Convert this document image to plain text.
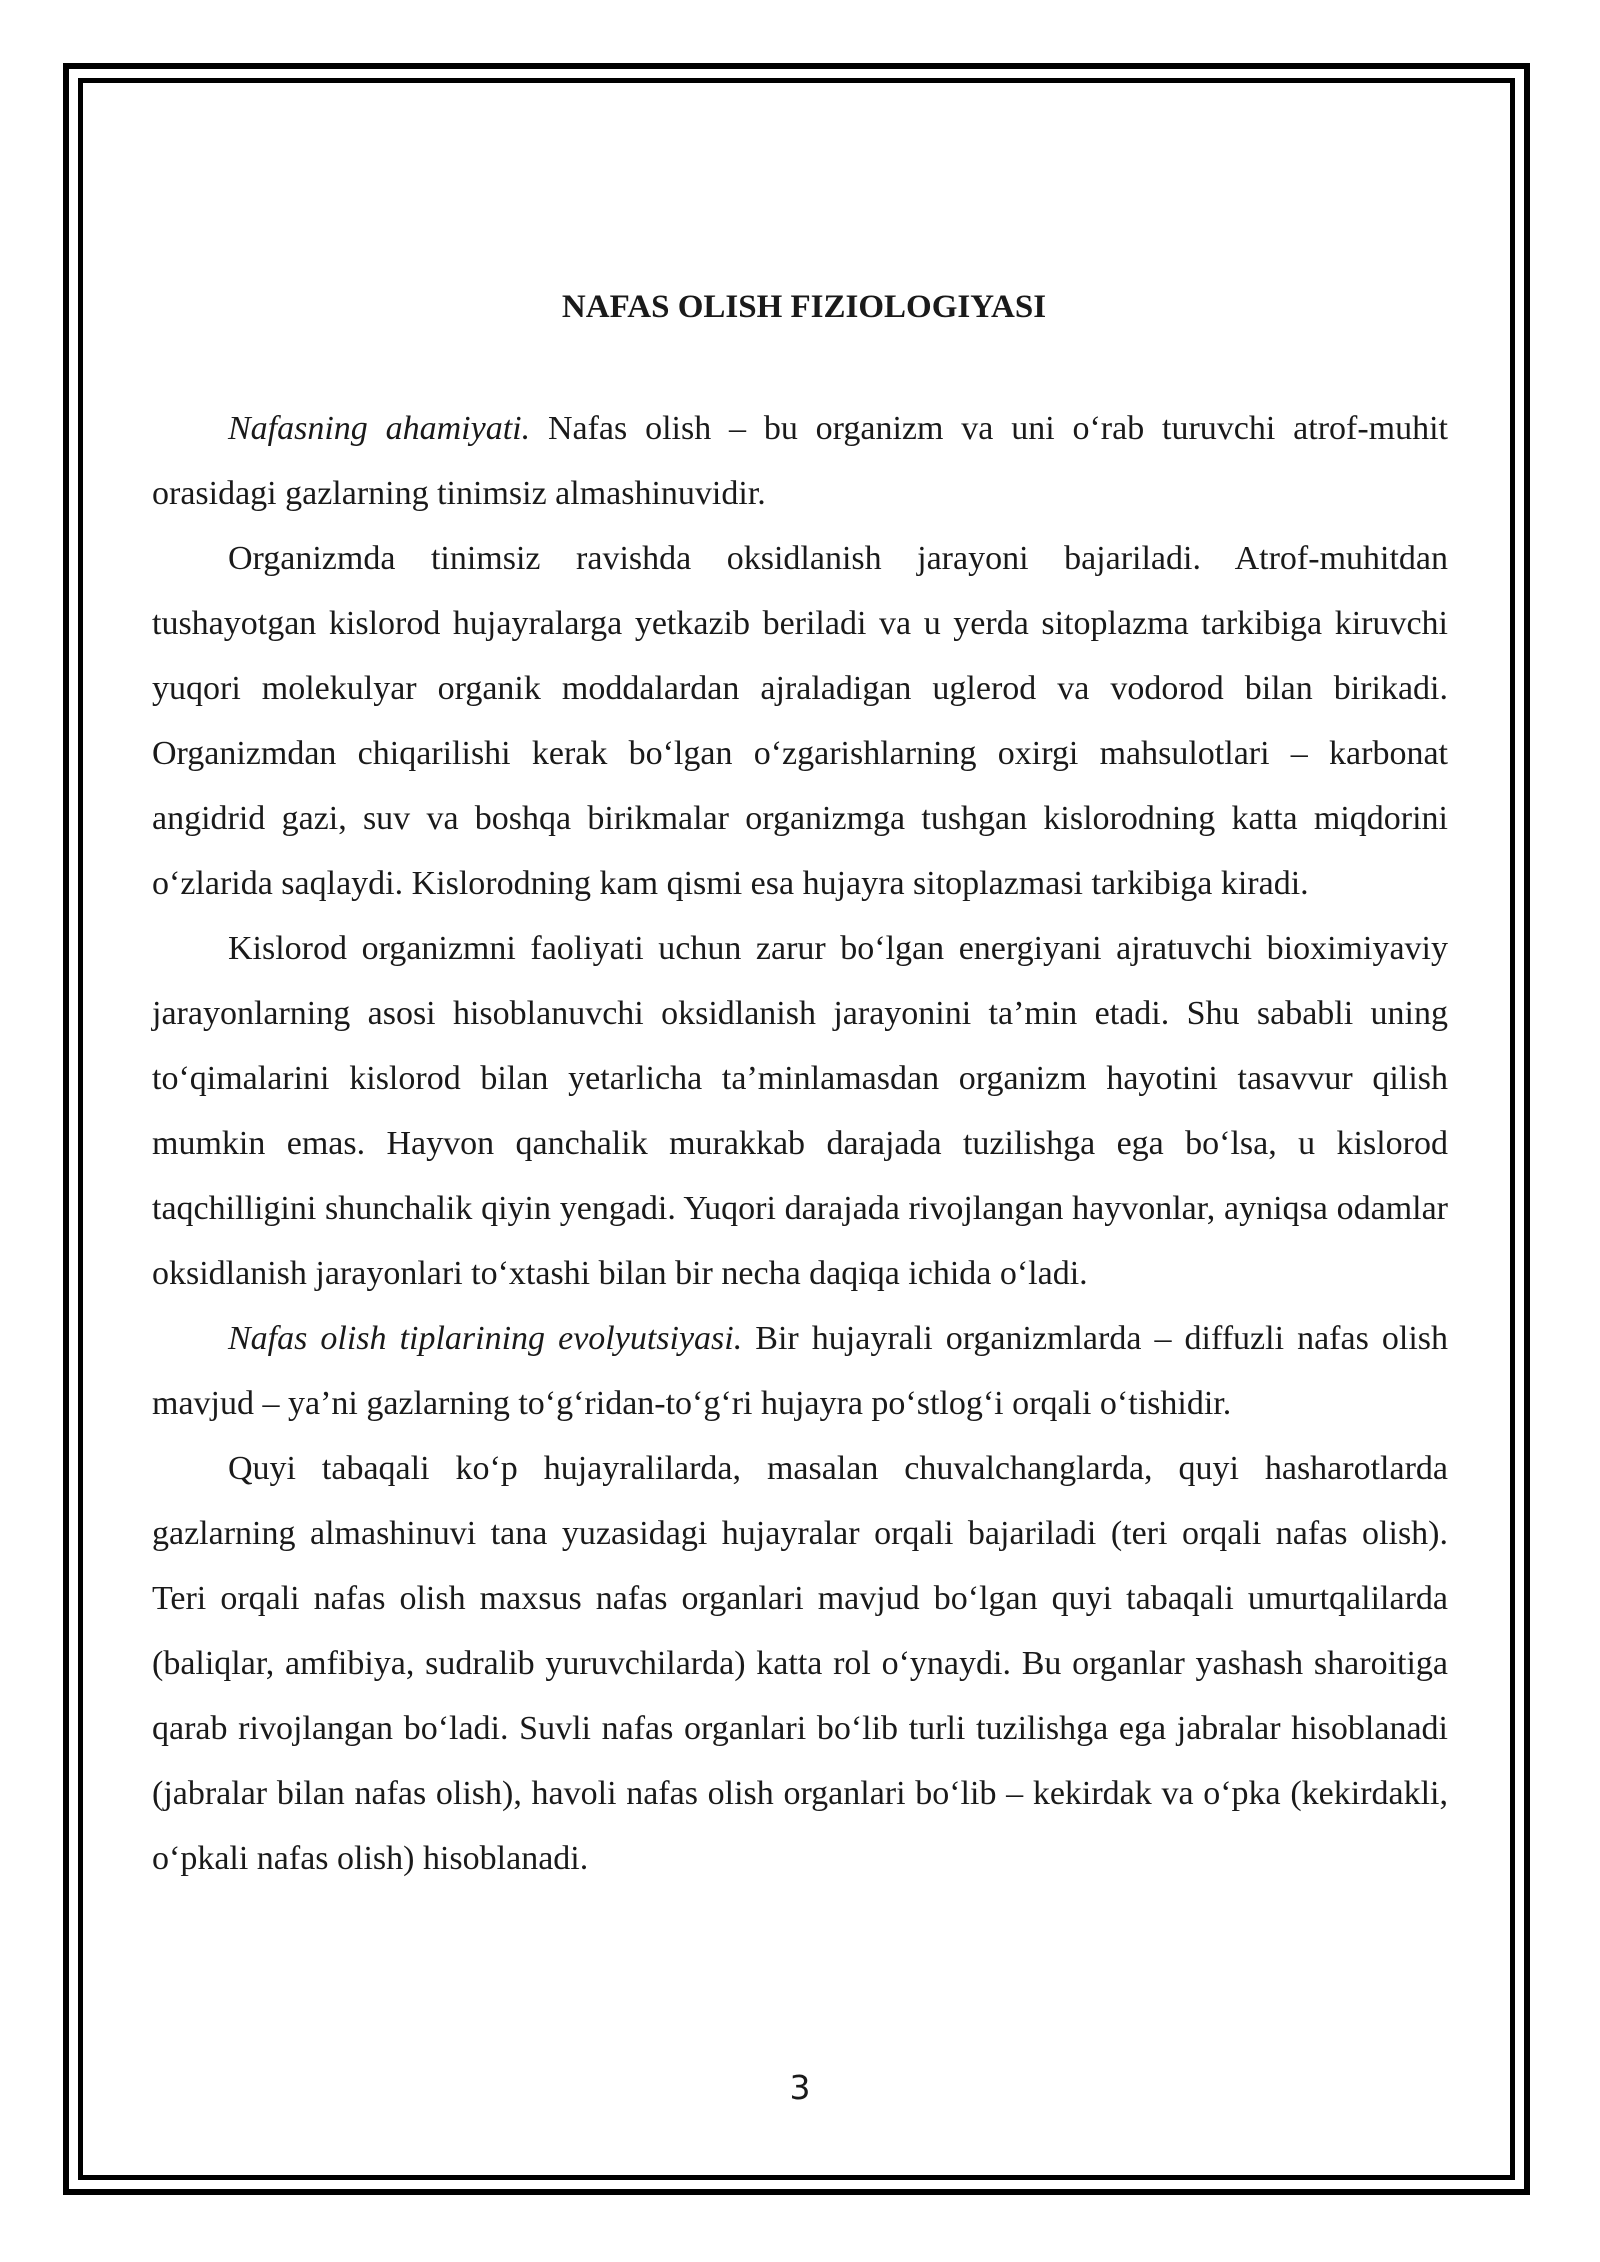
NAFAS OLISH FIZIOLOGIYASI

Nafasning ahamiyati. Nafas olish – bu organizm va uni o‘rab turuvchi atrof-muhit orasidagi gazlarning tinimsiz almashinuvidir.

Organizmda tinimsiz ravishda oksidlanish jarayoni bajariladi. Atrof-muhitdan tushayotgan kislorod hujayralarga yetkazib beriladi va u yerda sitoplazma tarkibiga kiruvchi yuqori molekulyar organik moddalardan ajraladigan uglerod va vodorod bilan birikadi. Organizmdan chiqarilishi kerak bo‘lgan o‘zgarishlarning oxirgi mahsulotlari – karbonat angidrid gazi, suv va boshqa birikmalar organizmga tushgan kislorodning katta miqdorini o‘zlarida saqlaydi. Kislorodning kam qismi esa hujayra sitoplazmasi tarkibiga kiradi.

Kislorod organizmni faoliyati uchun zarur bo‘lgan energiyani ajratuvchi bioximiyaviy jarayonlarning asosi hisoblanuvchi oksidlanish jarayonini ta’min etadi. Shu sababli uning to‘qimalarini kislorod bilan yetarlicha ta’minlamasdan organizm hayotini tasavvur qilish mumkin emas. Hayvon qanchalik murakkab darajada tuzilishga ega bo‘lsa, u kislorod taqchilligini shunchalik qiyin yengadi. Yuqori darajada rivojlangan hayvonlar, ayniqsa odamlar oksidlanish jarayonlari to‘xtashi bilan bir necha daqiqa ichida o‘ladi.

Nafas olish tiplarining evolyutsiyasi. Bir hujayrali organizmlarda – diffuzli nafas olish mavjud – ya’ni gazlarning to‘g‘ridan-to‘g‘ri hujayra po‘stlog‘i orqali o‘tishidir.

Quyi tabaqali ko‘p hujayralilarda, masalan chuvalchanglarda, quyi hasharotlarda gazlarning almashinuvi tana yuzasidagi hujayralar orqali bajariladi (teri orqali nafas olish). Teri orqali nafas olish maxsus nafas organlari mavjud bo‘lgan quyi tabaqali umurtqalilarda (baliqlar, amfibiya, sudralib yuruvchilarda) katta rol o‘ynaydi. Bu organlar yashash sharoitiga qarab rivojlangan bo‘ladi. Suvli nafas organlari bo‘lib turli tuzilishga ega jabralar hisoblanadi (jabralar bilan nafas olish), havoli nafas olish organlari bo‘lib – kekirdak va o‘pka (kekirdakli, o‘pkali nafas olish) hisoblanadi.

3
